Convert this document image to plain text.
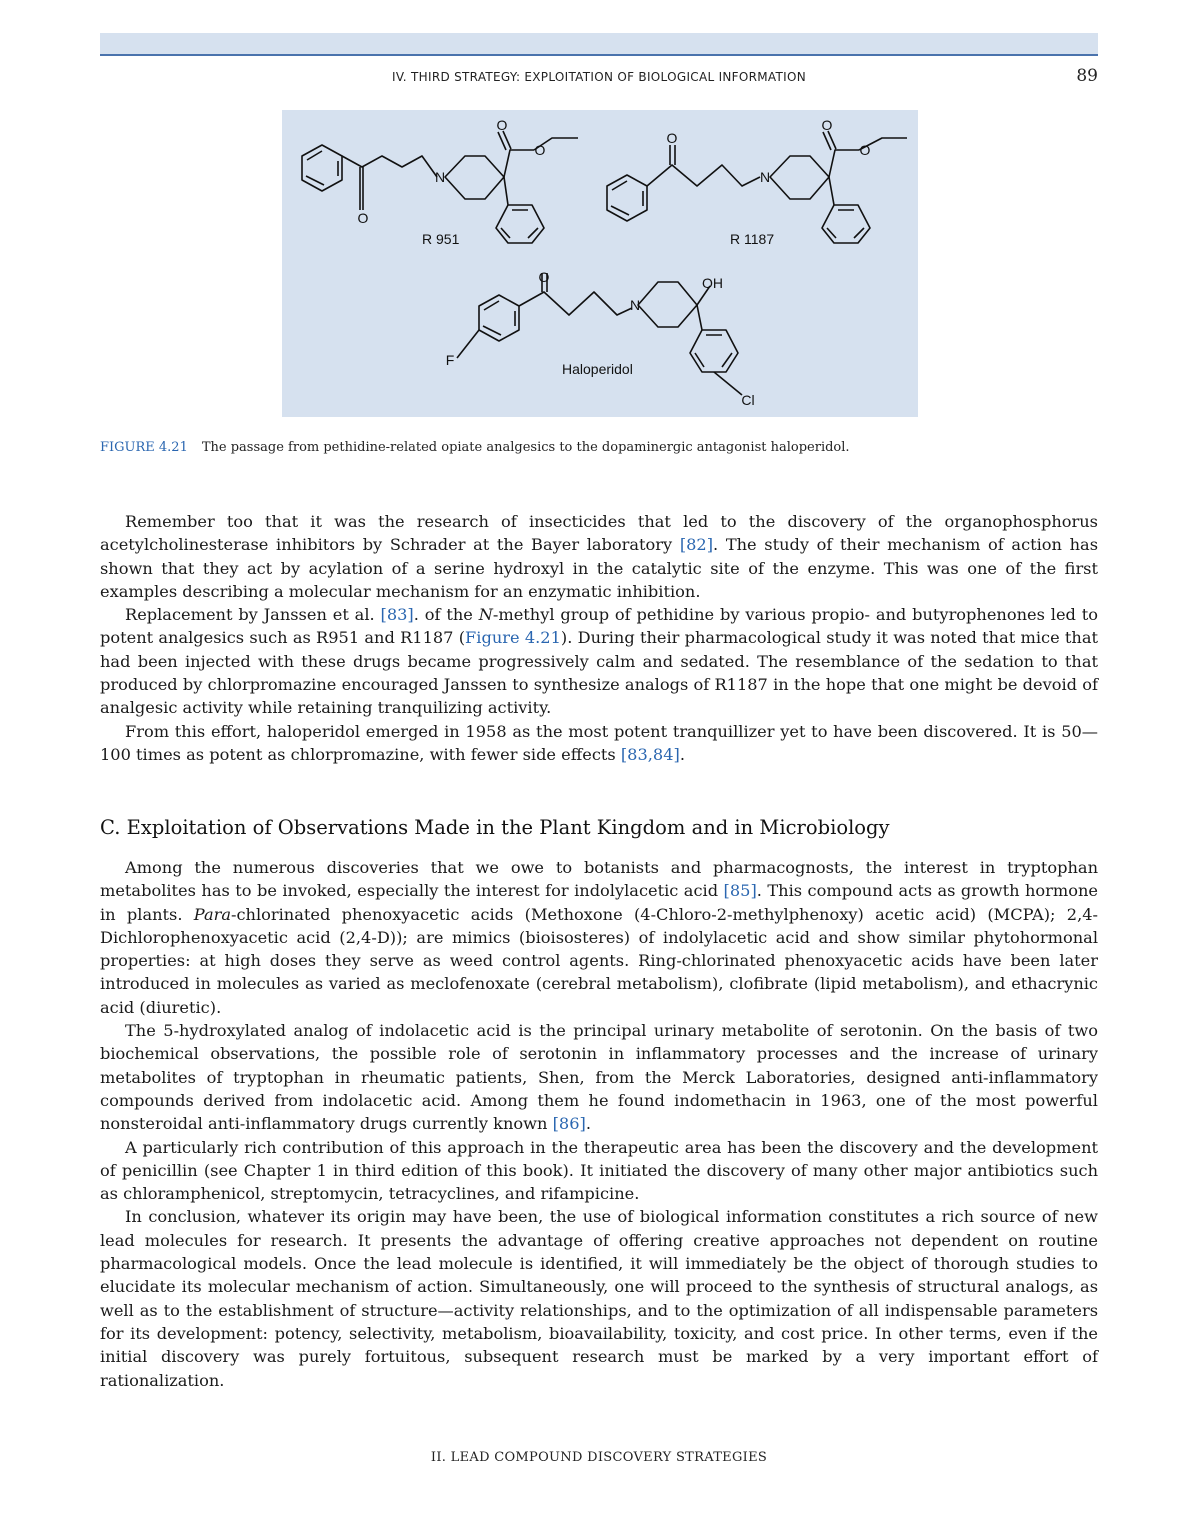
IV. THIRD STRATEGY: EXPLOITATION OF BIOLOGICAL INFORMATION	89
O
O
O
N
R 951
O
O
O
N
R 1187
O	OH
N
F
Cl
Haloperidol
FIGURE 4.21 The passage from pethidine-related opiate analgesics to the dopaminergic antagonist haloperidol.

Remember too that it was the research of insecticides that led to the discovery of the organophosphorus acetylcholinesterase inhibitors by Schrader at the Bayer laboratory [82]. The study of their mechanism of action has shown that they act by acylation of a serine hydroxyl in the catalytic site of the enzyme. This was one of the first examples describing a molecular mechanism for an enzymatic inhibition.

Replacement by Janssen et al. [83]. of the N-methyl group of pethidine by various propio- and butyrophenones led to potent analgesics such as R951 and R1187 (Figure 4.21). During their pharmacological study it was noted that mice that had been injected with these drugs became progressively calm and sedated. The resemblance of the sedation to that produced by chlorpromazine encouraged Janssen to synthesize analogs of R1187 in the hope that one might be devoid of analgesic activity while retaining tranquilizing activity.

From this effort, haloperidol emerged in 1958 as the most potent tranquillizer yet to have been discovered. It is 50—100 times as potent as chlorpromazine, with fewer side effects [83,84].

C. Exploitation of Observations Made in the Plant Kingdom and in Microbiology

Among the numerous discoveries that we owe to botanists and pharmacognosts, the interest in tryptophan metabolites has to be invoked, especially the interest for indolylacetic acid [85]. This compound acts as growth hormone in plants. Para-chlorinated phenoxyacetic acids (Methoxone (4-Chloro-2-methylphenoxy) acetic acid) (MCPA); 2,4-Dichlorophenoxyacetic acid (2,4-D)); are mimics (bioisosteres) of indolylacetic acid and show similar phytohormonal properties: at high doses they serve as weed control agents. Ring-chlorinated phenoxyacetic acids have been later introduced in molecules as varied as meclofenoxate (cerebral metabolism), clofibrate (lipid metabolism), and ethacrynic acid (diuretic).

The 5-hydroxylated analog of indolacetic acid is the principal urinary metabolite of serotonin. On the basis of two biochemical observations, the possible role of serotonin in inflammatory processes and the increase of urinary metabolites of tryptophan in rheumatic patients, Shen, from the Merck Laboratories, designed anti-inflammatory compounds derived from indolacetic acid. Among them he found indomethacin in 1963, one of the most powerful nonsteroidal anti-inflammatory drugs currently known [86].

A particularly rich contribution of this approach in the therapeutic area has been the discovery and the development of penicillin (see Chapter 1 in third edition of this book). It initiated the discovery of many other major antibiotics such as chloramphenicol, streptomycin, tetracyclines, and rifampicine.

In conclusion, whatever its origin may have been, the use of biological information constitutes a rich source of new lead molecules for research. It presents the advantage of offering creative approaches not dependent on routine pharmacological models. Once the lead molecule is identified, it will immediately be the object of thorough studies to elucidate its molecular mechanism of action. Simultaneously, one will proceed to the synthesis of structural analogs, as well as to the establishment of structure—activity relationships, and to the optimization of all indispensable parameters for its development: potency, selectivity, metabolism, bioavailability, toxicity, and cost price. In other terms, even if the initial discovery was purely fortuitous, subsequent research must be marked by a very important effort of rationalization.

II. LEAD COMPOUND DISCOVERY STRATEGIES
